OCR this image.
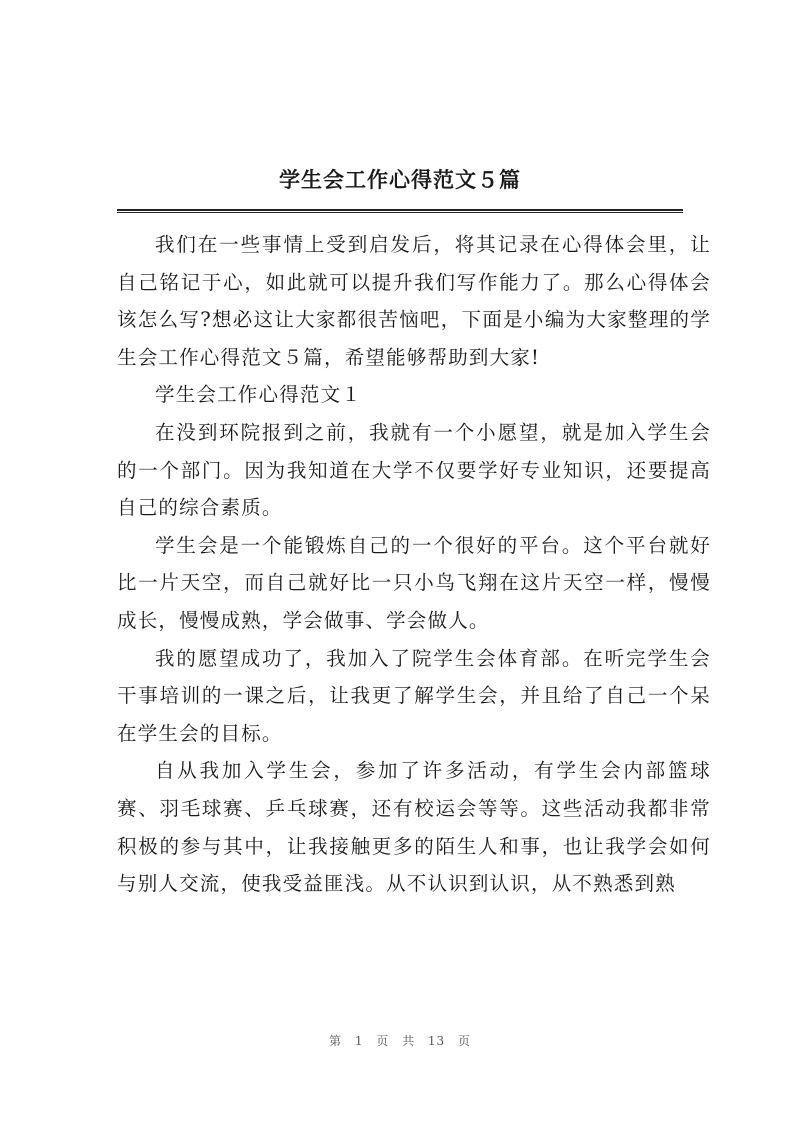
学生会工作心得范文５篇

我们在一些事情上受到启发后，将其记录在心得体会里，让自己铭记于心，如此就可以提升我们写作能力了。那么心得体会该怎么写?想必这让大家都很苦恼吧，下面是小编为大家整理的学生会工作心得范文５篇，希望能够帮助到大家!

学生会工作心得范文１

在没到环院报到之前，我就有一个小愿望，就是加入学生会的一个部门。因为我知道在大学不仅要学好专业知识，还要提高自己的综合素质。

学生会是一个能锻炼自己的一个很好的平台。这个平台就好比一片天空，而自己就好比一只小鸟飞翔在这片天空一样，慢慢成长，慢慢成熟，学会做事、学会做人。

我的愿望成功了，我加入了院学生会体育部。在听完学生会干事培训的一课之后，让我更了解学生会，并且给了自己一个呆在学生会的目标。

自从我加入学生会，参加了许多活动，有学生会内部篮球赛、羽毛球赛、乒乓球赛，还有校运会等等。这些活动我都非常积极的参与其中，让我接触更多的陌生人和事，也让我学会如何与别人交流，使我受益匪浅。从不认识到认识，从不熟悉到熟

第 1 页 共 13 页
